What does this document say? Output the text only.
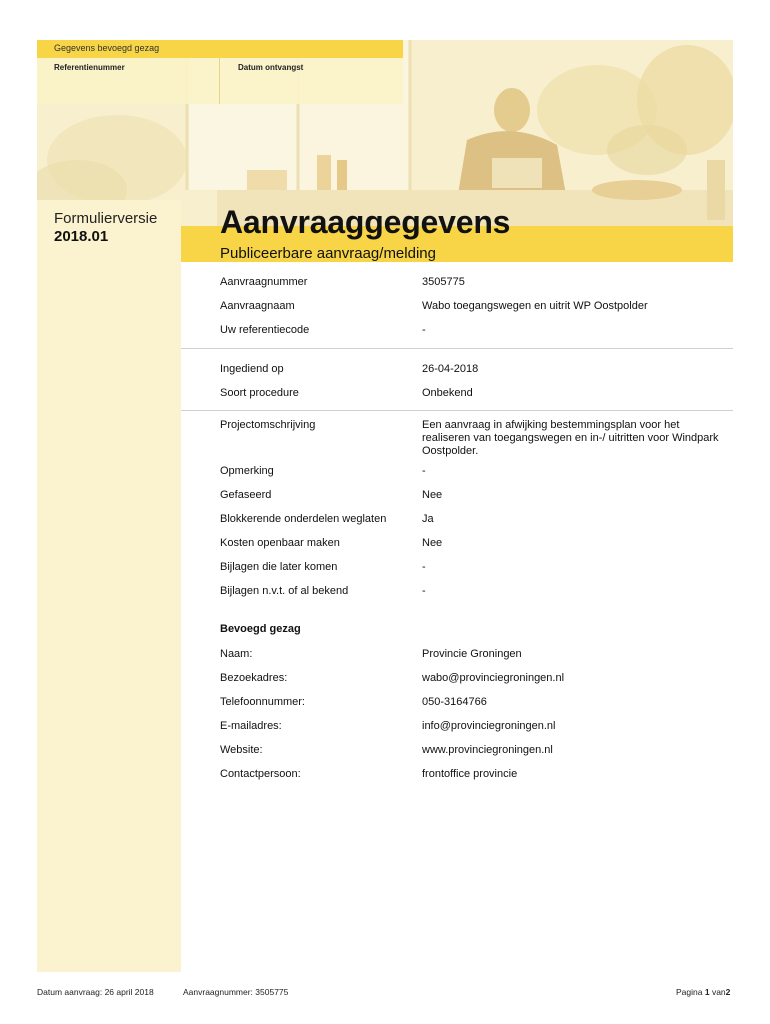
Gegevens bevoegd gezag
Referentienummer	Datum ontvangst
Formulierversie
2018.01	Aanvraaggegevens
Publiceerbare aanvraag/melding
Aanvraagnummer	3505775
Aanvraagnaam	Wabo toegangswegen en uitrit WP Oostpolder
Uw referentiecode	-
Ingediend op	26-04-2018
Soort procedure	Onbekend
Projectomschrijving	Een aanvraag in afwijking bestemmingsplan voor het realiseren van toegangswegen en in-/ uitritten voor Windpark Oostpolder.
Opmerking	-
Gefaseerd	Nee
Blokkerende onderdelen weglaten	Ja
Kosten openbaar maken	Nee
Bijlagen die later komen	-
Bijlagen n.v.t. of al bekend	-
Bevoegd gezag
Naam:	Provincie Groningen
Bezoekadres:	wabo@provinciegroningen.nl
Telefoonnummer:	050-3164766
E-mailadres:	info@provinciegroningen.nl
Website:	www.provinciegroningen.nl
Contactpersoon:	frontoffice provincie
Datum aanvraag: 26 april 2018	Aanvraagnummer: 3505775	Pagina 1 van2
